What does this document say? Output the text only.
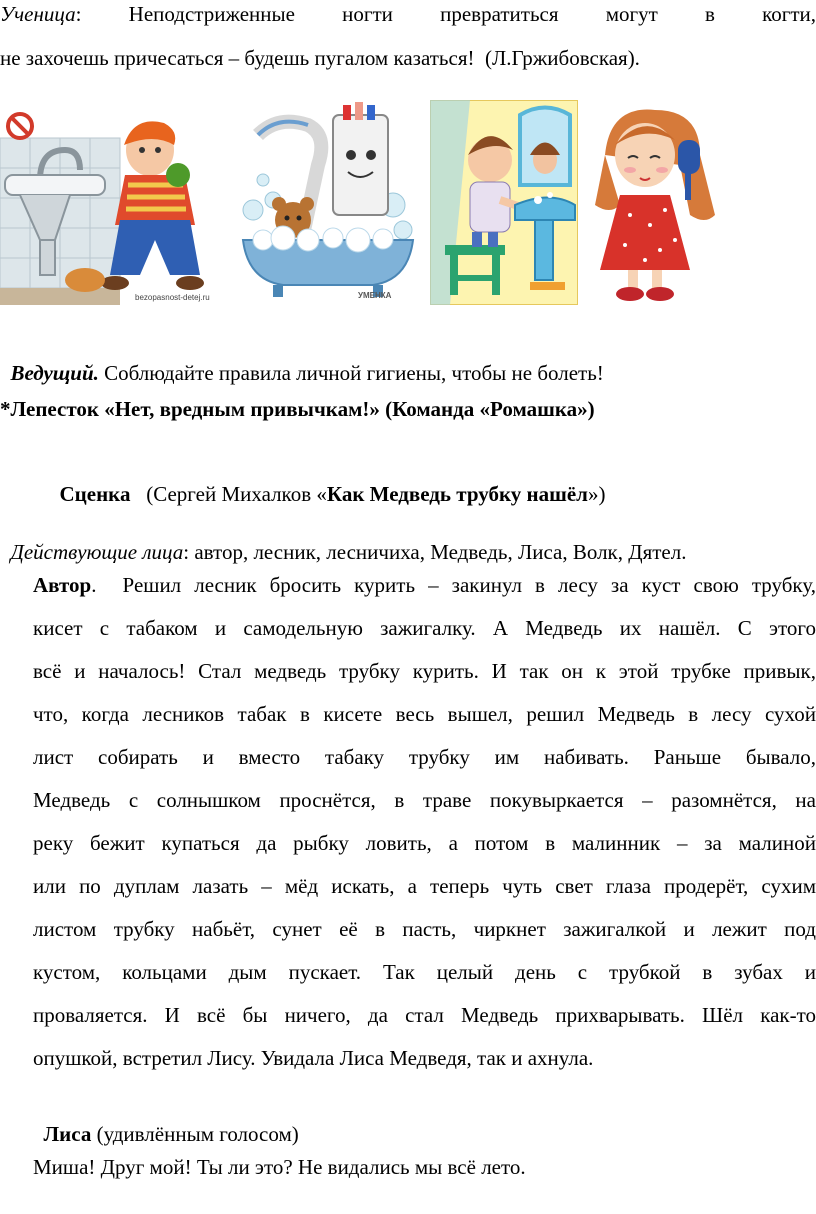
Ученица:   Неподстриженные   ногти   превратиться   могут   в   когти,
не захочешь причесаться – будешь пугалом казаться!  (Л.Гржибовская).
bezopasnost-detej.ru	УМЕНКА

Ведущий. Соблюдайте правила личной гигиены, чтобы не болеть!

*Лепесток «Нет, вредным привычкам!» (Команда «Ромашка»)

Сценка   (Сергей Михалков «Как Медведь трубку нашёл»)

Действующие лица: автор, лесник, лесничиха, Медведь, Лиса, Волк, Дятел.

Автор.  Решил лесник бросить курить – закинул в лесу за куст свою трубку,
кисет с табаком и самодельную зажигалку. А Медведь их нашёл. С этого
всё и началось! Стал медведь трубку курить. И так он к этой трубке привык,
что, когда лесников табак в кисете весь вышел, решил Медведь в лесу сухой
лист собирать и вместо табаку трубку им набивать. Раньше бывало,
Медведь с солнышком проснётся, в траве покувыркается – разомнётся, на
реку бежит купаться да рыбку ловить, а потом в малинник – за малиной
или по дуплам лазать – мёд искать, а теперь чуть свет глаза продерёт, сухим
листом трубку набьёт, сунет её в пасть, чиркнет зажигалкой и лежит под
кустом, кольцами дым пускает. Так целый день с трубкой в зубах и
проваляется. И всё бы ничего, да стал Медведь прихварывать. Шёл как-то
опушкой, встретил Лису. Увидала Лиса Медведя, так и ахнула.

Лиса (удивлённым голосом)

Миша! Друг мой! Ты ли это? Не видались мы всё лето.
